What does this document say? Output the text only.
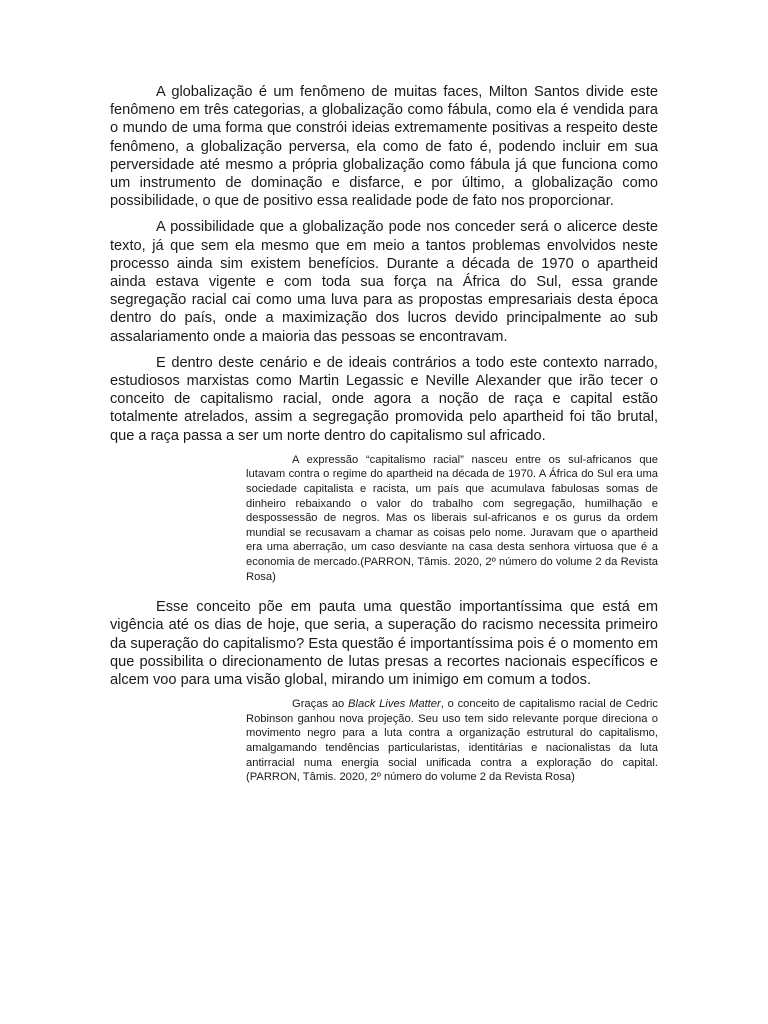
A globalização é um fenômeno de muitas faces, Milton Santos divide este fenômeno em três categorias, a globalização como fábula, como ela é vendida para o mundo de uma forma que constrói ideias extremamente positivas a respeito deste fenômeno, a globalização perversa, ela como de fato é, podendo incluir em sua perversidade até mesmo a própria globalização como fábula já que funciona como um instrumento de dominação e disfarce, e por último, a globalização como possibilidade, o que de positivo essa realidade pode de fato nos proporcionar.

A possibilidade que a globalização pode nos conceder será o alicerce deste texto, já que sem ela mesmo que em meio a tantos problemas envolvidos neste processo ainda sim existem benefícios. Durante a década de 1970 o apartheid ainda estava vigente e com toda sua força na África do Sul, essa grande segregação racial cai como uma luva para as propostas empresariais desta época dentro do país, onde a maximização dos lucros devido principalmente ao sub assalariamento onde a maioria das pessoas se encontravam.

E dentro deste cenário e de ideais contrários a todo este contexto narrado, estudiosos marxistas como Martin Legassic e Neville Alexander que irão tecer o conceito de capitalismo racial, onde agora a noção de raça e capital estão totalmente atrelados, assim a segregação promovida pelo apartheid foi tão brutal, que a raça passa a ser um norte dentro do capitalismo sul africado.

A expressão “capitalismo racial” nasceu entre os sul-africanos que lutavam contra o regime do apartheid na década de 1970. A África do Sul era uma sociedade capitalista e racista, um país que acumulava fabulosas somas de dinheiro rebaixando o valor do trabalho com segregação, humilhação e despossessão de negros. Mas os liberais sul-africanos e os gurus da ordem mundial se recusavam a chamar as coisas pelo nome. Juravam que o apartheid era uma aberração, um caso desviante na casa desta senhora virtuosa que é a economia de mercado.(PARRON, Tâmis. 2020, 2º número do volume 2 da Revista Rosa)

Esse conceito põe em pauta uma questão importantíssima que está em vigência até os dias de hoje, que seria, a superação do racismo necessita primeiro da superação do capitalismo? Esta questão é importantíssima pois é o momento em que possibilita o direcionamento de lutas presas a recortes nacionais específicos e alcem voo para uma visão global, mirando um inimigo em comum a todos.

Graças ao Black Lives Matter, o conceito de capitalismo racial de Cedric Robinson ganhou nova projeção. Seu uso tem sido relevante porque direciona o movimento negro para a luta contra a organização estrutural do capitalismo, amalgamando tendências particularistas, identitárias e nacionalistas da luta antirracial numa energia social unificada contra a exploração do capital. (PARRON, Tâmis. 2020, 2º número do volume 2 da Revista Rosa)
